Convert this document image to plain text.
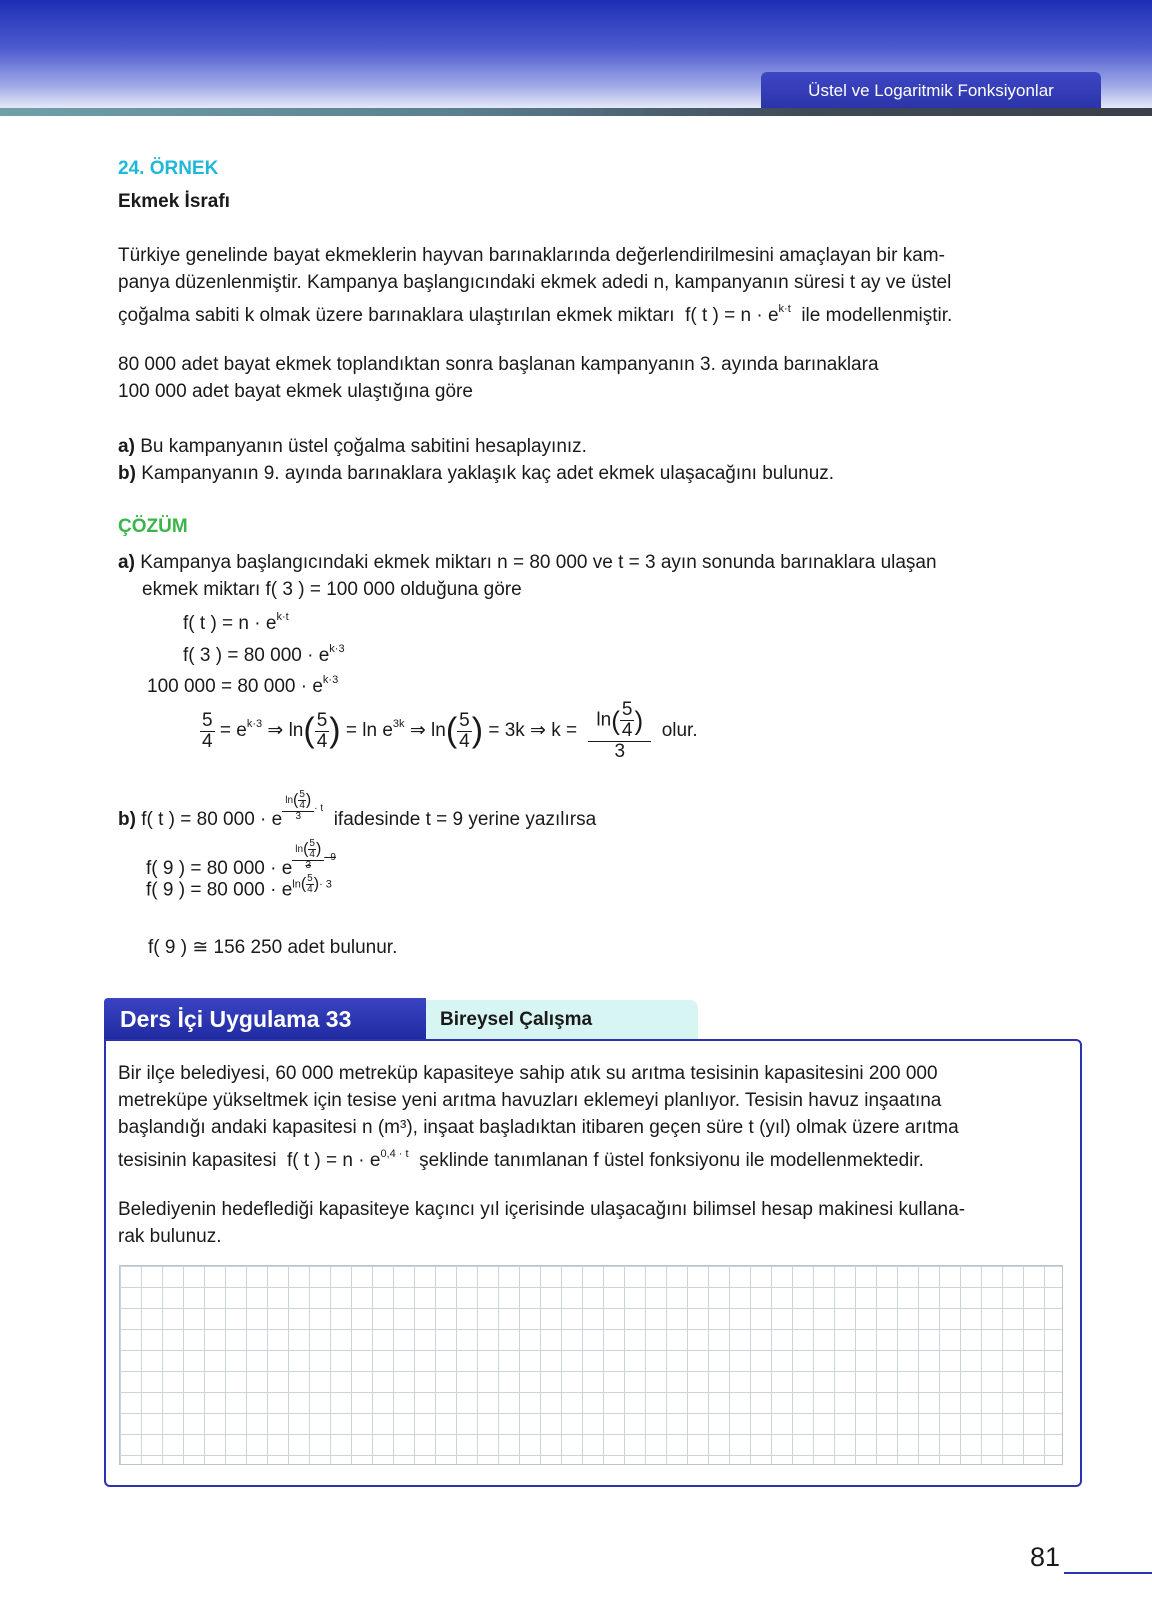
Üstel ve Logaritmik Fonksiyonlar
24. ÖRNEK
Ekmek İsrafı
Türkiye genelinde bayat ekmeklerin hayvan barınaklarında değerlendirilmesini amaçlayan bir kam-
panya düzenlenmiştir. Kampanya başlangıcındaki ekmek adedi n, kampanyanın süresi t ay ve üstel
çoğalma sabiti k olmak üzere barınaklara ulaştırılan ekmek miktarı f( t ) = $n \cdot e^{k\cdot t}$ ile modellenmiştir.
80 000 adet bayat ekmek toplandıktan sonra başlanan kampanyanın 3. ayında barınaklara
100 000 adet bayat ekmek ulaştığına göre
a) Bu kampanyanın üstel çoğalma sabitini hesaplayınız.
b) Kampanyanın 9. ayında barınaklara yaklaşık kaç adet ekmek ulaşacağını bulunuz.
ÇÖZÜM
a) Kampanya başlangıcındaki ekmek miktarı n = 80 000 ve t = 3 ayın sonunda barınaklara ulaşan
ekmek miktarı f( 3 ) = 100 000 olduğuna göre
f( t ) = $n \cdot e^{k\cdot t}$
f( 3 ) = 80 $000 \cdot e^{k\cdot 3}$
100 000 = 80 $000 \cdot e^{k\cdot 3}$
$\frac{5}{4} = e^{k\cdot 3}$ ⇒ $\ln( \frac{5}{4}$ ) = $\ln e^{3k}$ ⇒ $\ln( \frac{5}{4}$ ) = 3k ⇒ $k = \frac{\ln( \frac{5}{4} )}{3}$ olur.
b) f( t ) = 80 000 · e $\frac{\ln( \frac{5}{4} )}{3} \cdot t$  ifadesinde t = 9 yerine yazılırsa
f( 9 ) = 80 000 · e $\frac{\ln( \frac{5}{4} )}{3} \cdot 9$
f( 9 ) = 80 $000 \cdot eln( \frac{5}{4}$ )· 3
f( 9 ) ≅ 156 250 adet bulunur.
Ders İçi Uygulama 33	Bireysel Çalışma
Bir ilçe belediyesi, 60 000 metreküp kapasiteye sahip atık su arıtma tesisinin kapasitesini 200 000
metreküpe yükseltmek için tesise yeni arıtma havuzları eklemeyi planlıyor. Tesisin havuz inşaatına
başlandığı andaki kapasitesi n (m³), inşaat başladıktan itibaren geçen süre t (yıl) olmak üzere arıtma
tesisinin kapasitesi f( t ) = $n \cdot e^{0,4 \cdot t}$ şeklinde tanımlanan f üstel fonksiyonu ile modellenmektedir.
Belediyenin hedeflediği kapasiteye kaçıncı yıl içerisinde ulaşacağını bilimsel hesap makinesi kullana-
rak bulunuz.
81
